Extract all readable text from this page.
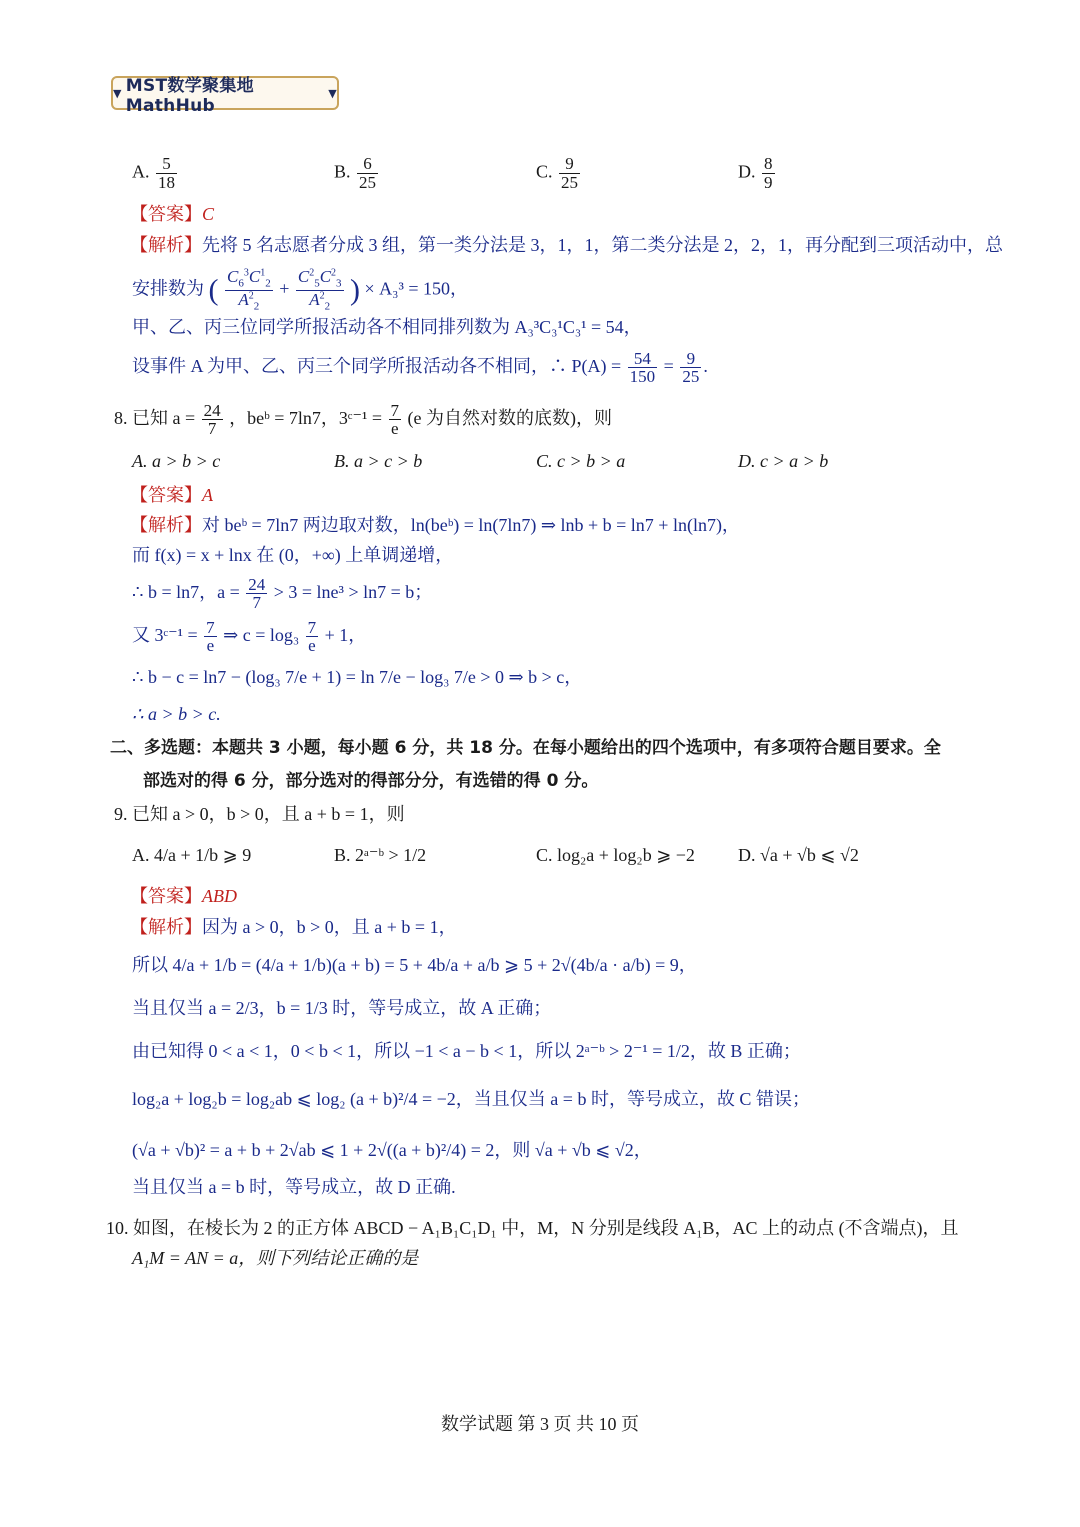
▼ MST数学聚集地MathHub
▼
A. $\frac{5}{18}$	B. $\frac{6}{25}$	C. $\frac{9}{25}$	D. $\frac{8}{9}$
【答案】C
【解析】先将 5 名志愿者分成 3 组，第一类分法是 3，1，1，第二类分法是 2，2，1，再分配到三项活动中，总
安排数为 ( $\frac{C_6^3C^1_2}{A^2_2} + \frac{C^2_5C^2_3}{A^2_2}$ ) × A₃³ = 150，
甲、乙、丙三位同学所报活动各不相同排列数为 A₃³C₃¹C₃¹ = 54，
设事件 A 为甲、乙、丙三个同学所报活动各不相同，∴ $P(A) = \frac{54}{150} = \frac{9}{25}$ .
8. 已知 $a = \frac{24}{7}$ ，beᵇ = 7ln7，3ᶜ⁻¹ = $\frac{7}{e} (e$ 为自然对数的底数)，则
A. a > b > c	B. a > c > b	C. c > b > a	D. c > a > b
【答案】A
【解析】对 beᵇ = 7ln7 两边取对数，ln(beᵇ) = ln(7ln7) ⇒ lnb + b = ln7 + ln(ln7)，
而 f(x) = x + lnx 在 (0，+∞) 上单调递增，
∴ b = ln7，$a = \frac{24}{7} > 3 = \ln e^3 > \ln 7 = b$；
又 3ᶜ⁻¹ = $\frac{7}{e}$ ⇒ $c = \log_3 \frac{7}{e} + 1$，
∴ b − c = ln7 − (log₃ 7/e + 1) = ln 7/e − log₃ 7/e > 0 ⇒ b > c，
∴ a > b > c.
二、多选题：本题共 3 小题，每小题 6 分，共 18 分。在每小题给出的四个选项中，有多项符合题目要求。全
部选对的得 6 分，部分选对的得部分分，有选错的得 0 分。
9. 已知 a > 0，b > 0，且 a + b = 1，则
A. 4/a + 1/b ⩾ 9	B. 2ᵃ⁻ᵇ > 1/2	C. log₂a + log₂b ⩾ −2 D. √a + √b ⩽ √2
【答案】ABD
【解析】因为 a > 0，b > 0，且 a + b = 1，
所以 4/a + 1/b = (4/a + 1/b)(a + b) = 5 + 4b/a + a/b ⩾ 5 + 2√(4b/a · a/b) = 9，
当且仅当 a = 2/3，b = 1/3 时，等号成立，故 A 正确；
由已知得 0 < a < 1，0 < b < 1，所以 −1 < a − b < 1，所以 2ᵃ⁻ᵇ > 2⁻¹ = 1/2，故 B 正确；
log₂a + log₂b = log₂ab ⩽ log₂ (a + b)²/4 = −2，当且仅当 a = b 时，等号成立，故 C 错误；
(√a + √b)² = a + b + 2√ab ⩽ 1 + 2√((a + b)²/4) = 2，则 √a + √b ⩽ √2，
当且仅当 a = b 时，等号成立，故 D 正确.
10. 如图，在棱长为 2 的正方体 ABCD − A₁B₁C₁D₁ 中，M，N 分别是线段 A₁B，AC 上的动点 (不含端点)，且
A₁M = AN = a，则下列结论正确的是
数学试题 第 3 页 共 10 页
